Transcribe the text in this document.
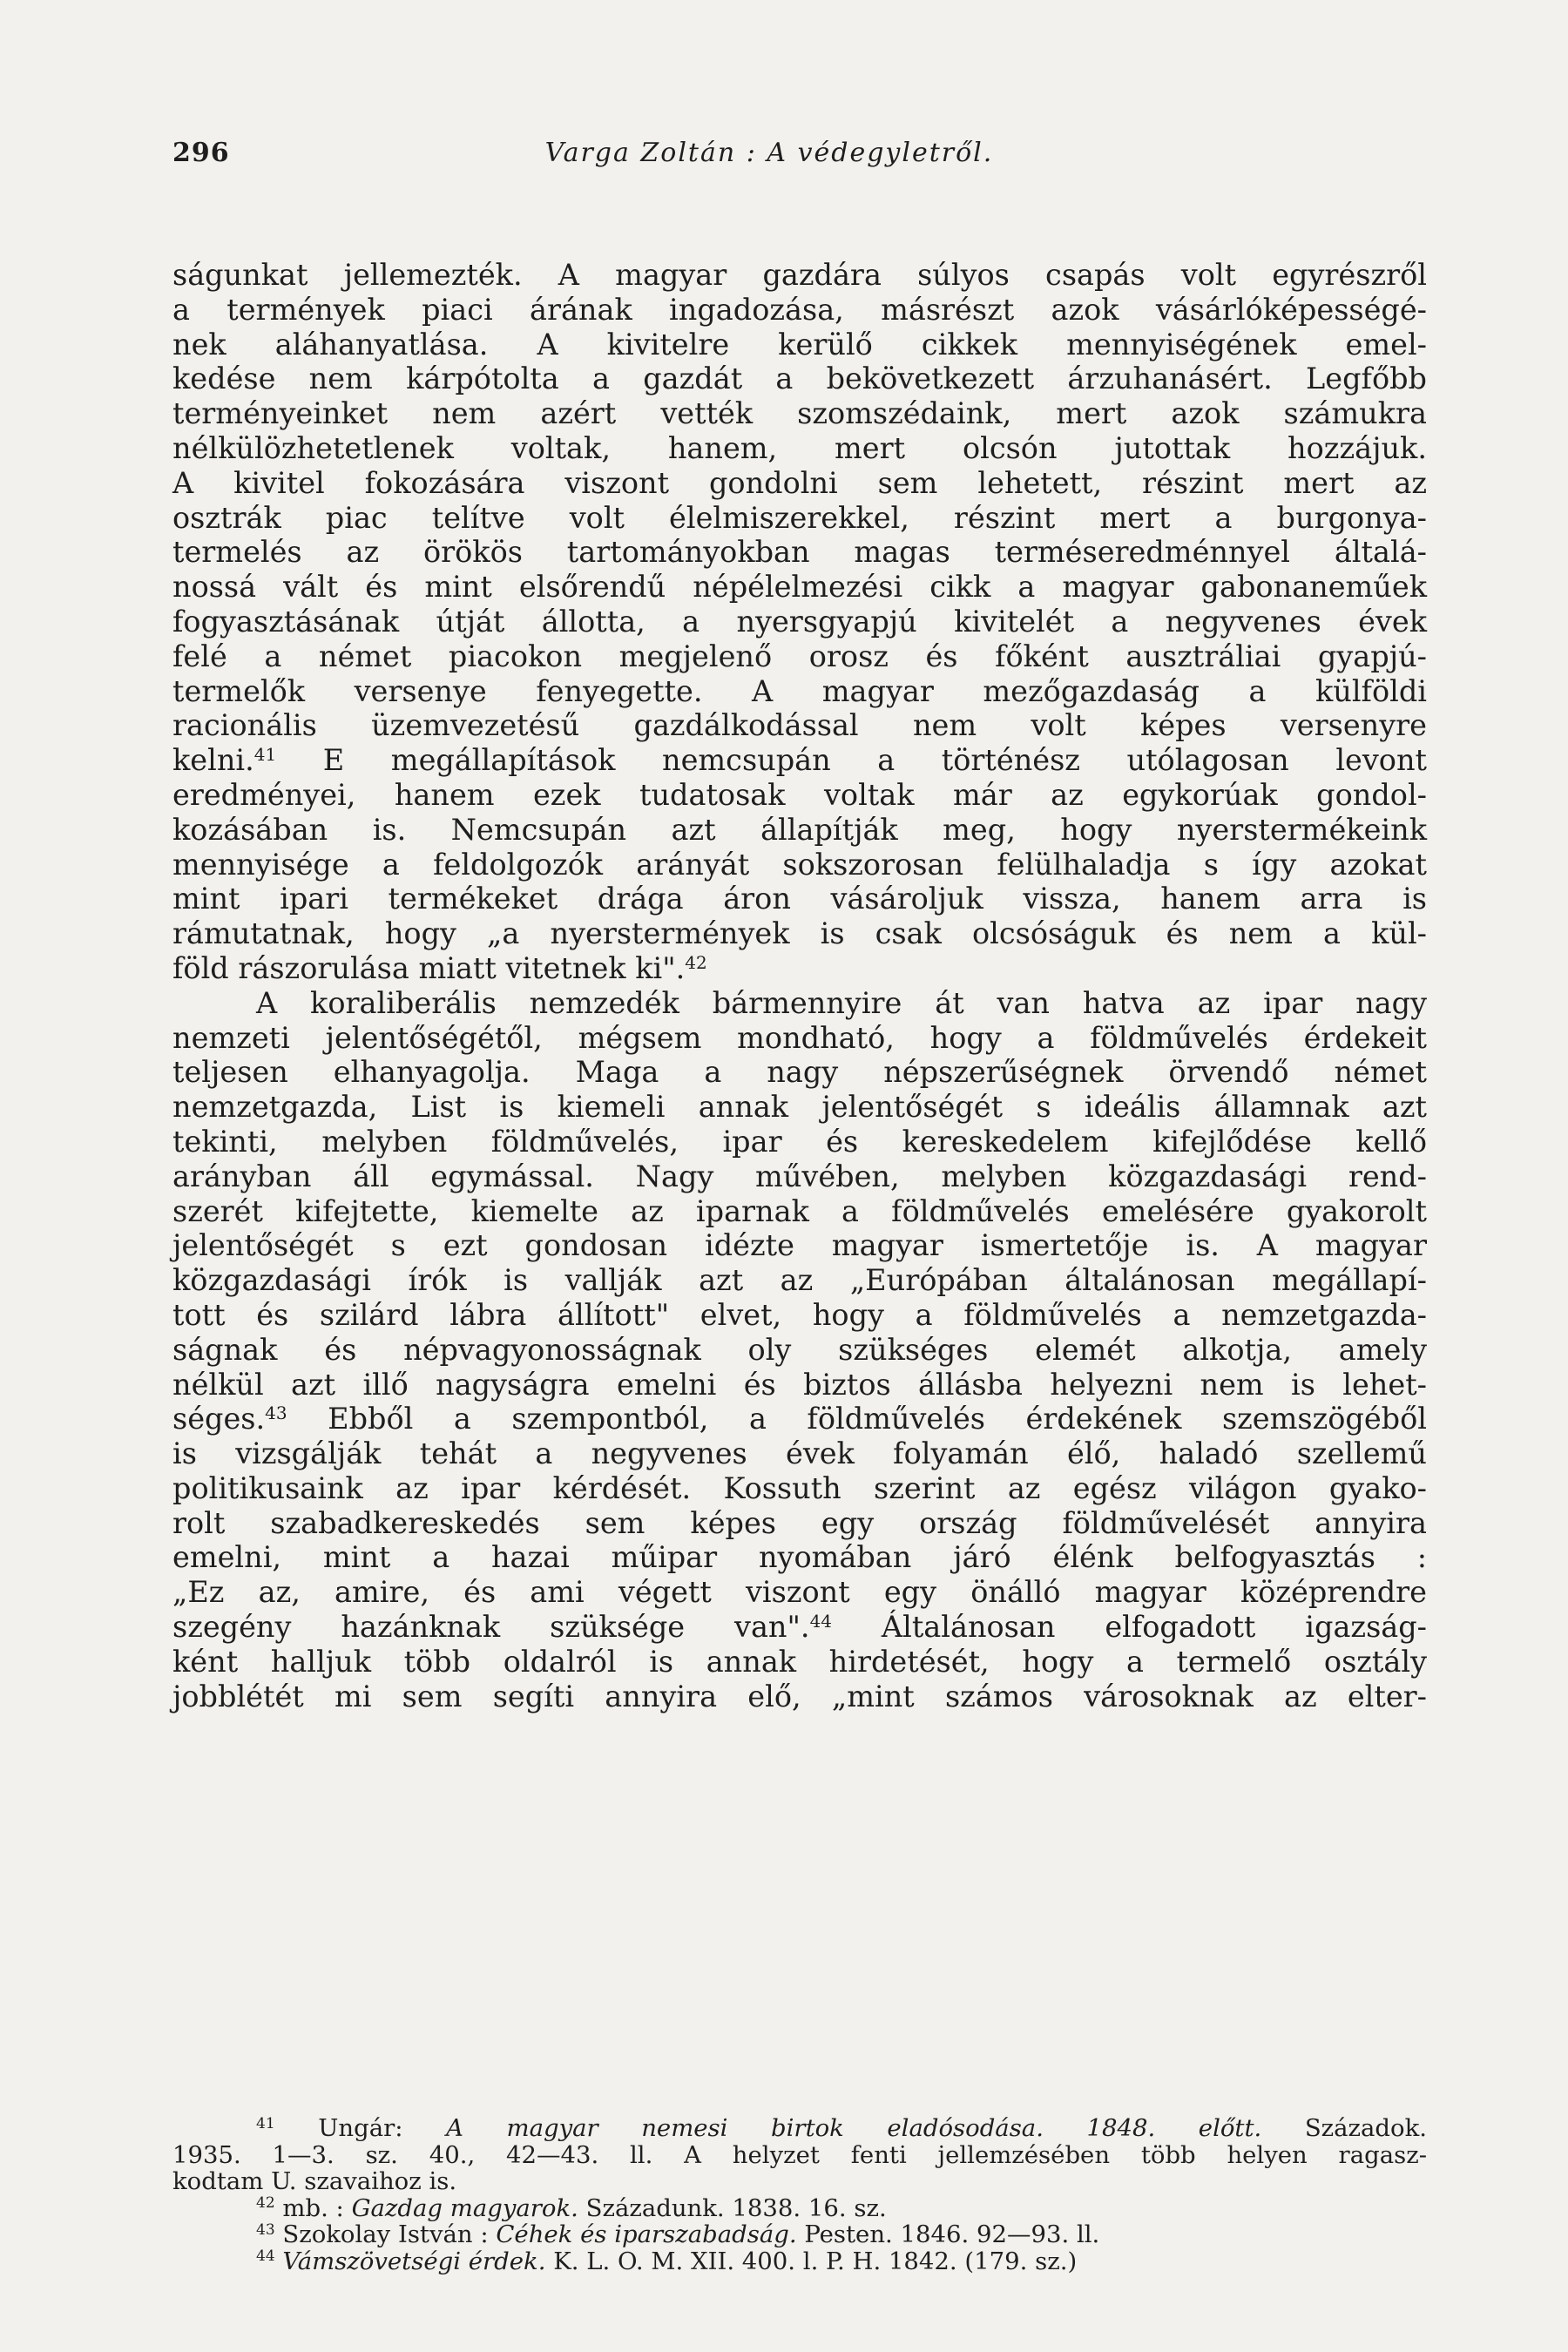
296	Varga Zoltán : A védegyletről.
ságunkat jellemezték. A magyar gazdára súlyos csapás volt egyrészről
a termények piaci árának ingadozása, másrészt azok vásárlóképességé-
nek aláhanyatlása. A kivitelre kerülő cikkek mennyiségének emel-
kedése nem kárpótolta a gazdát a bekövetkezett árzuhanásért. Legfőbb
terményeinket nem azért vették szomszédaink, mert azok számukra
nélkülözhetetlenek voltak, hanem, mert olcsón jutottak hozzájuk.
A kivitel fokozására viszont gondolni sem lehetett, részint mert az
osztrák piac telítve volt élelmiszerekkel, részint mert a burgonya-
termelés az örökös tartományokban magas terméseredménnyel általá-
nossá vált és mint elsőrendű népélelmezési cikk a magyar gabonaneműek
fogyasztásának útját állotta, a nyersgyapjú kivitelét a negyvenes évek
felé a német piacokon megjelenő orosz és főként ausztráliai gyapjú-
termelők versenye fenyegette. A magyar mezőgazdaság a külföldi
racionális üzemvezetésű gazdálkodással nem volt képes versenyre
kelni.$^{41}$ E megállapítások nemcsupán a történész utólagosan levont
eredményei, hanem ezek tudatosak voltak már az egykorúak gondol-
kozásában is. Nemcsupán azt állapítják meg, hogy nyerstermékeink
mennyisége a feldolgozók arányát sokszorosan felülhaladja s így azokat
mint ipari termékeket drága áron vásároljuk vissza, hanem arra is
rámutatnak, hogy „a nyerstermények is csak olcsóságuk és nem a kül-
föld rászorulása miatt vitetnek ki".$^{42}$
A koraliberális nemzedék bármennyire át van hatva az ipar nagy
nemzeti jelentőségétől, mégsem mondható, hogy a földművelés érdekeit
teljesen elhanyagolja. Maga a nagy népszerűségnek örvendő német
nemzetgazda, List is kiemeli annak jelentőségét s ideális államnak azt
tekinti, melyben földművelés, ipar és kereskedelem kifejlődése kellő
arányban áll egymással. Nagy művében, melyben közgazdasági rend-
szerét kifejtette, kiemelte az iparnak a földművelés emelésére gyakorolt
jelentőségét s ezt gondosan idézte magyar ismertetője is. A magyar
közgazdasági írók is vallják azt az „Európában általánosan megállapí-
tott és szilárd lábra állított" elvet, hogy a földművelés a nemzetgazda-
ságnak és népvagyonosságnak oly szükséges elemét alkotja, amely
nélkül azt illő nagyságra emelni és biztos állásba helyezni nem is lehet-
séges.$^{43}$ Ebből a szempontból, a földművelés érdekének szemszögéből
is vizsgálják tehát a negyvenes évek folyamán élő, haladó szellemű
politikusaink az ipar kérdését. Kossuth szerint az egész világon gyako-
rolt szabadkereskedés sem képes egy ország földművelését annyira
emelni, mint a hazai műipar nyomában járó élénk belfogyasztás :
„Ez az, amire, és ami végett viszont egy önálló magyar középrendre
szegény hazánknak szüksége van".$^{44}$ Általánosan elfogadott igazság-
ként halljuk több oldalról is annak hirdetését, hogy a termelő osztály
jobblétét mi sem segíti annyira elő, „mint számos városoknak az elter-
$^{41}$ Ungár: A magyar nemesi birtok eladósodása. 1848. előtt. Századok.
1935. 1—3. sz. 40., 42—43. ll. A helyzet fenti jellemzésében több helyen ragasz-
kodtam U. szavaihoz is.
$^{42}$ mb. : Gazdag magyarok. Századunk. 1838. 16. sz.
$^{43}$ Szokolay István : Céhek és iparszabadság. Pesten. 1846. 92—93. ll.
$^{44}$ Vámszövetségi érdek. K. L. O. M. XII. 400. l. P. H. 1842. (179. sz.)
